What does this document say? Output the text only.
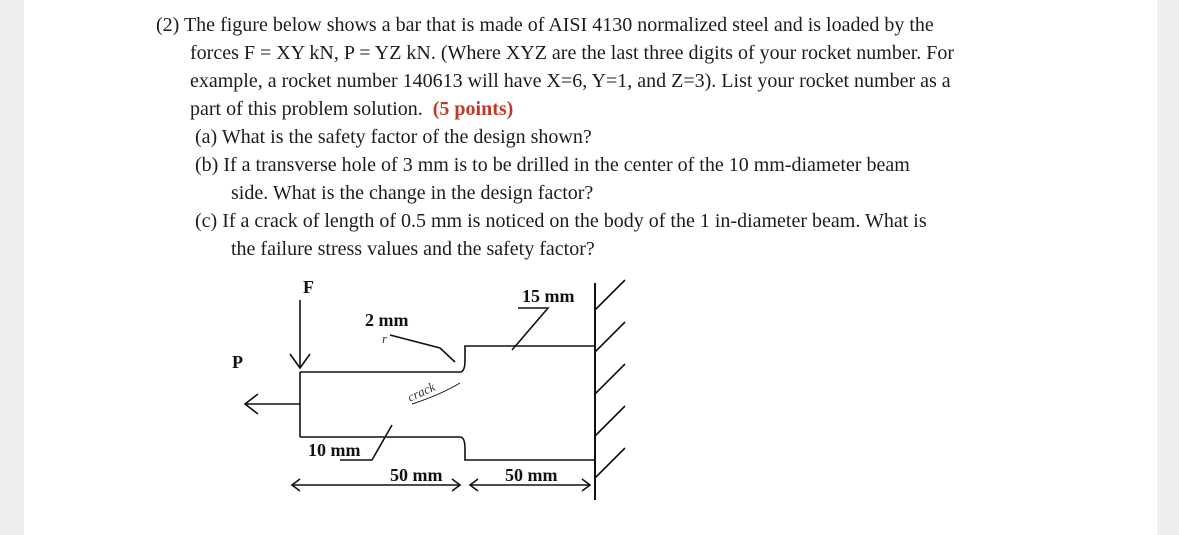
(2) The figure below shows a bar that is made of AISI 4130 normalized steel and is loaded by the
forces F = XY kN, P = YZ kN. (Where XYZ are the last three digits of your rocket number. For
example, a rocket number 140613 will have X=6, Y=1, and Z=3). List your rocket number as a
part of this problem solution. (5 points)
(a) What is the safety factor of the design shown?
(b) If a transverse hole of 3 mm is to be drilled in the center of the 10 mm-diameter beam
side. What is the change in the design factor?
(c) If a crack of length of 0.5 mm is noticed on the body of the 1 in-diameter beam. What is
the failure stress values and the safety factor?
F
P
2 mm
r
15 mm
10 mm
50 mm	50 mm
crack
